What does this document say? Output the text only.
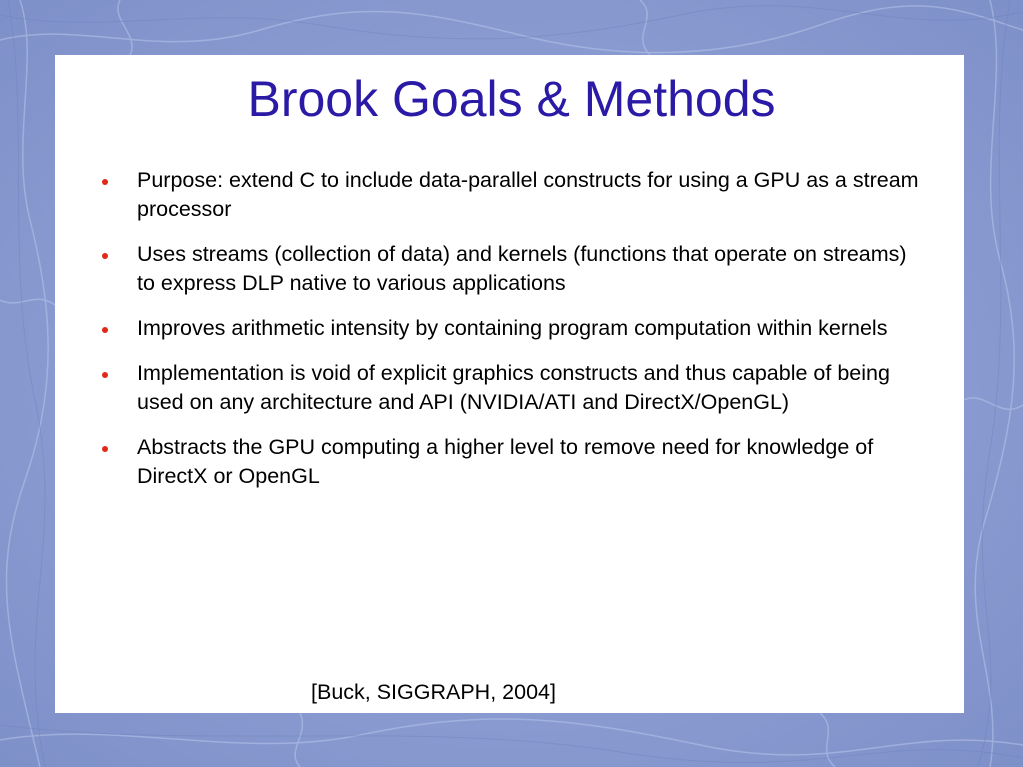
Brook Goals & Methods
Purpose: extend C to include data-parallel constructs for using a GPU as a stream processor
Uses streams (collection of data) and kernels (functions that operate on streams) to express DLP native to various applications
Improves arithmetic intensity by containing program computation within kernels
Implementation is void of explicit graphics constructs and thus capable of being used on any architecture and API (NVIDIA/ATI and DirectX/OpenGL)
Abstracts the GPU computing a higher level to remove need for knowledge of DirectX or OpenGL
[Buck, SIGGRAPH, 2004]
